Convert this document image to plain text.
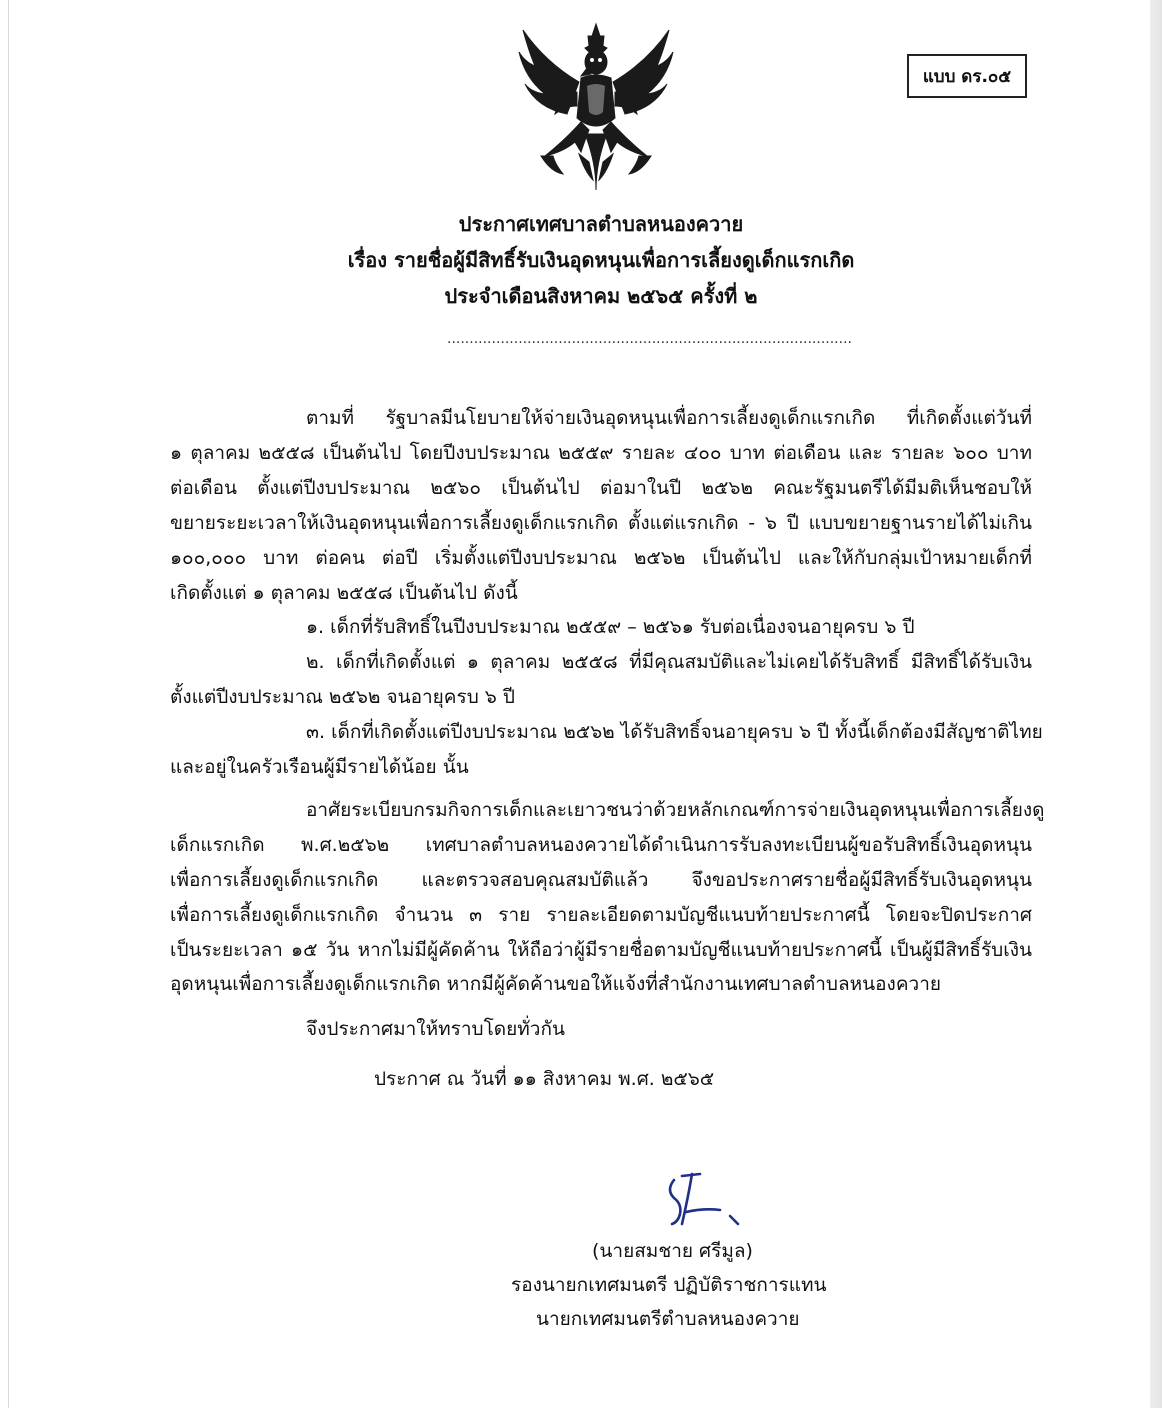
แบบ ดร.๐๕
ประกาศเทศบาลตำบลหนองควาย
เรื่อง รายชื่อผู้มีสิทธิ์รับเงินอุดหนุนเพื่อการเลี้ยงดูเด็กแรกเกิด
ประจำเดือนสิงหาคม ๒๕๖๕ ครั้งที่ ๒
...........................................................................................
ตามที่ รัฐบาลมีนโยบายให้จ่ายเงินอุดหนุนเพื่อการเลี้ยงดูเด็กแรกเกิด ที่เกิดตั้งแต่วันที่
๑ ตุลาคม ๒๕๕๘ เป็นต้นไป โดยปีงบประมาณ ๒๕๕๙ รายละ ๔๐๐ บาท ต่อเดือน และ รายละ ๖๐๐ บาท
ต่อเดือน ตั้งแต่ปีงบประมาณ ๒๕๖๐ เป็นต้นไป ต่อมาในปี ๒๕๖๒ คณะรัฐมนตรีได้มีมติเห็นชอบให้
ขยายระยะเวลาให้เงินอุดหนุนเพื่อการเลี้ยงดูเด็กแรกเกิด ตั้งแต่แรกเกิด - ๖ ปี แบบขยายฐานรายได้ไม่เกิน
๑๐๐,๐๐๐ บาท ต่อคน ต่อปี เริ่มตั้งแต่ปีงบประมาณ ๒๕๖๒ เป็นต้นไป และให้กับกลุ่มเป้าหมายเด็กที่
เกิดตั้งแต่ ๑ ตุลาคม ๒๕๕๘ เป็นต้นไป ดังนี้
๑. เด็กที่รับสิทธิ์ในปีงบประมาณ ๒๕๕๙ – ๒๕๖๑ รับต่อเนื่องจนอายุครบ ๖ ปี
๒. เด็กที่เกิดตั้งแต่ ๑ ตุลาคม ๒๕๕๘ ที่มีคุณสมบัติและไม่เคยได้รับสิทธิ์ มีสิทธิ์ได้รับเงิน
ตั้งแต่ปีงบประมาณ ๒๕๖๒ จนอายุครบ ๖ ปี
๓. เด็กที่เกิดตั้งแต่ปีงบประมาณ ๒๕๖๒ ได้รับสิทธิ์จนอายุครบ ๖ ปี ทั้งนี้เด็กต้องมีสัญชาติไทย
และอยู่ในครัวเรือนผู้มีรายได้น้อย นั้น
อาศัยระเบียบกรมกิจการเด็กและเยาวชนว่าด้วยหลักเกณฑ์การจ่ายเงินอุดหนุนเพื่อการเลี้ยงดู
เด็กแรกเกิด พ.ศ.๒๕๖๒ เทศบาลตำบลหนองควายได้ดำเนินการรับลงทะเบียนผู้ขอรับสิทธิ์เงินอุดหนุน
เพื่อการเลี้ยงดูเด็กแรกเกิด และตรวจสอบคุณสมบัติแล้ว จึงขอประกาศรายชื่อผู้มีสิทธิ์รับเงินอุดหนุน
เพื่อการเลี้ยงดูเด็กแรกเกิด จำนวน ๓ ราย รายละเอียดตามบัญชีแนบท้ายประกาศนี้ โดยจะปิดประกาศ
เป็นระยะเวลา ๑๕ วัน หากไม่มีผู้คัดค้าน ให้ถือว่าผู้มีรายชื่อตามบัญชีแนบท้ายประกาศนี้ เป็นผู้มีสิทธิ์รับเงิน
อุดหนุนเพื่อการเลี้ยงดูเด็กแรกเกิด หากมีผู้คัดค้านขอให้แจ้งที่สำนักงานเทศบาลตำบลหนองควาย
จึงประกาศมาให้ทราบโดยทั่วกัน
ประกาศ ณ วันที่ ๑๑ สิงหาคม พ.ศ. ๒๕๖๕
(นายสมชาย ศรีมูล)
รองนายกเทศมนตรี ปฏิบัติราชการแทน
นายกเทศมนตรีตำบลหนองควาย
